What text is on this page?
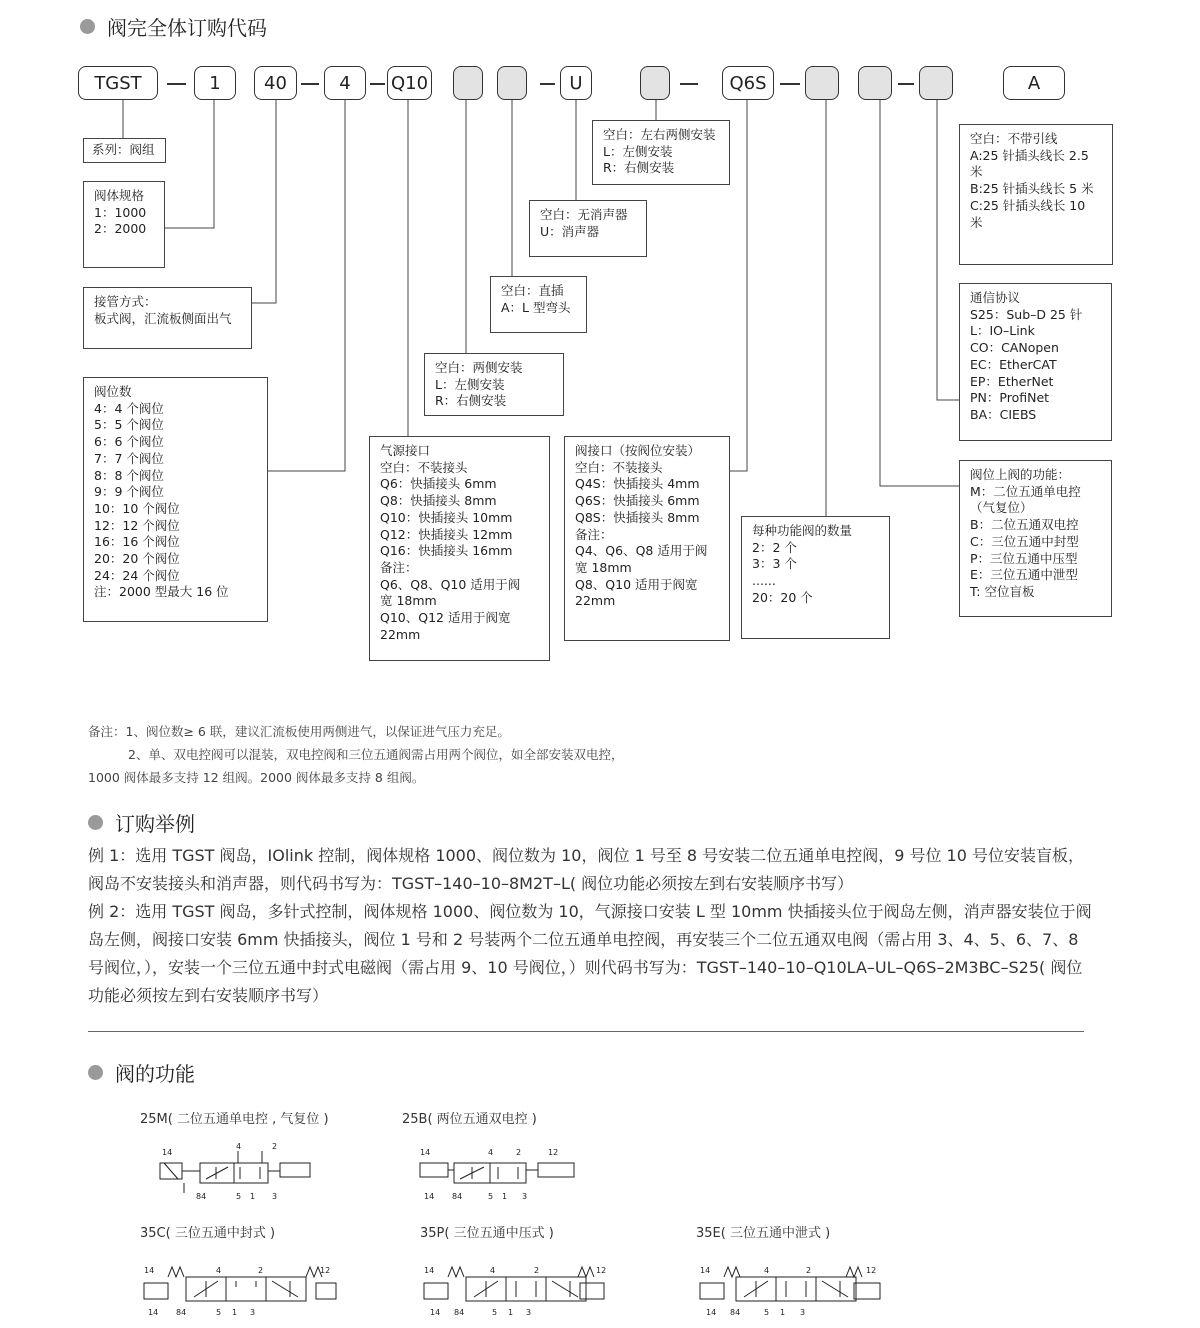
阀完全体订购代码
TGST	1	40	4	Q10	U	Q6S	A
系列：阀组
阀体规格
1：1000
2：2000
接管方式：
板式阀，汇流板侧面出气
阀位数
4：4 个阀位
5：5 个阀位
6：6 个阀位
7：7 个阀位
8：8 个阀位
9：9 个阀位
10：10 个阀位
12：12 个阀位
16：16 个阀位
20：20 个阀位
24：24 个阀位
注：2000 型最大 16 位
气源接口
空白：不装接头
Q6：快插接头 6mm
Q8：快插接头 8mm
Q10：快插接头 10mm
Q12：快插接头 12mm
Q16：快插接头 16mm
备注：
Q6、Q8、Q10 适用于阀
宽 18mm
Q10、Q12 适用于阀宽
22mm
空白：两侧安装
L：左侧安装
R：右侧安装
空白：直插
A：L 型弯头
空白：无消声器
U：消声器
空白：左右两侧安装
L：左侧安装
R：右侧安装
阀接口（按阀位安装）
空白：不装接头
Q4S：快插接头 4mm
Q6S：快插接头 6mm
Q8S：快插接头 8mm
备注：
Q4、Q6、Q8 适用于阀
宽 18mm
Q8、Q10 适用于阀宽
22mm
每种功能阀的数量
2：2 个
3：3 个
......
20：20 个
阀位上阀的功能：
M：二位五通单电控
（气复位）
B：二位五通双电控
C：三位五通中封型
P：三位五通中压型
E：三位五通中泄型
T: 空位盲板
通信协议
S25：Sub–D 25 针
L：IO–Link
CO：CANopen
EC：EtherCAT
EP：EtherNet
PN：ProfiNet
BA：CIEBS
空白：不带引线
A:25 针插头线长 2.5
米
B:25 针插头线长 5 米
C:25 针插头线长 10
米
备注：1、阀位数≥ 6 联，建议汇流板使用两侧进气，以保证进气压力充足。
2、单、双电控阀可以混装，双电控阀和三位五通阀需占用两个阀位，如全部安装双电控，
1000 阀体最多支持 12 组阀。2000 阀体最多支持 8 组阀。
订购举例

例 1：选用 TGST 阀岛，IOlink 控制，阀体规格 1000、阀位数为 10，阀位 1 号至 8 号安装二位五通单电控阀，9 号位 10 号位安装盲板，阀岛不安装接头和消声器，则代码书写为：TGST–140–10–8M2T–L( 阀位功能必须按左到右安装顺序书写）

例 2：选用 TGST 阀岛，多针式控制，阀体规格 1000、阀位数为 10，气源接口安装 L 型 10mm 快插接头位于阀岛左侧，消声器安装位于阀岛左侧，阀接口安装 6mm 快插接头，阀位 1 号和 2 号装两个二位五通单电控阀，再安装三个二位五通双电阀（需占用 3、4、5、6、7、8 号阀位，），安装一个三位五通中封式电磁阀（需占用 9、10 号阀位，）则代码书写为：TGST–140–10–Q10LA–UL–Q6S–2M3BC–S25( 阀位功能必须按左到右安装顺序书写）

阀的功能
25M( 二位五通单电控 , 气复位 )
14
4	2
84	5 1 3
25B( 两位五通双电控 )
14	4	2	12
14 84	5 1 3
35C( 三位五通中封式 )
14	4	2	12
14 84	5 1 3
35P( 三位五通中压式 )
14	4	2	12
14 84	5 1 3
35E( 三位五通中泄式 )
14	4	2	12
14 84	5 1 3
